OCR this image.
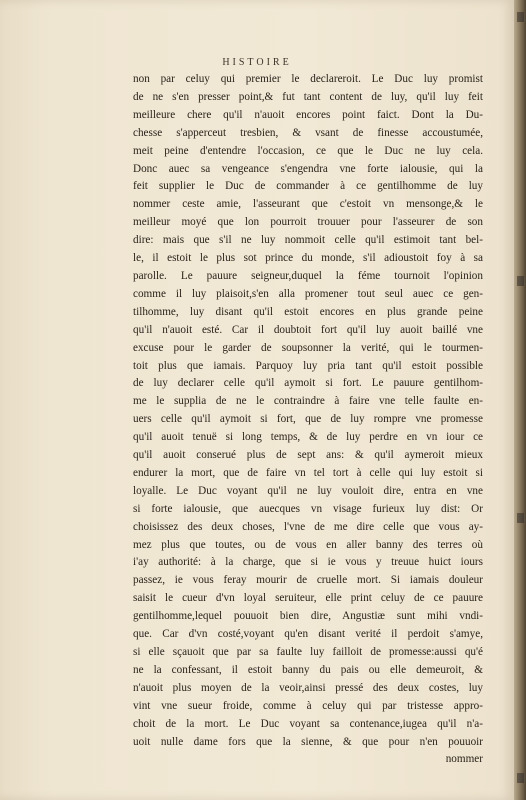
HISTOIRE
non par celuy qui premier le declareroit. Le Duc luy promist
de ne s'en presser point,& fut tant content de luy, qu'il luy feit
meilleure chere qu'il n'auoit encores point faict. Dont la Du-
chesse s'apperceut tresbien, & vsant de finesse accoustumée,
meit peine d'entendre l'occasion, ce que le Duc ne luy cela.
Donc auec sa vengeance s'engendra vne forte ialousie, qui la
feit supplier le Duc de commander à ce gentilhomme de luy
nommer ceste amie, l'asseurant que c'estoit vn mensonge,& le
meilleur moyé que lon pourroit trouuer pour l'asseurer de son
dire: mais que s'il ne luy nommoit celle qu'il estimoit tant bel-
le, il estoit le plus sot prince du monde, s'il adioustoit foy à sa
parolle. Le pauure seigneur,duquel la féme tournoit l'opinion
comme il luy plaisoit,s'en alla promener tout seul auec ce gen-
tilhomme, luy disant qu'il estoit encores en plus grande peine
qu'il n'auoit esté. Car il doubtoit fort qu'il luy auoit baillé vne
excuse pour le garder de soupsonner la verité, qui le tourmen-
toit plus que iamais. Parquoy luy pria tant qu'il estoit possible
de luy declarer celle qu'il aymoit si fort. Le pauure gentilhom-
me le supplia de ne le contraindre à faire vne telle faulte en-
uers celle qu'il aymoit si fort, que de luy rompre vne promesse
qu'il auoit tenuë si long temps, & de luy perdre en vn iour ce
qu'il auoit conserué plus de sept ans: & qu'il aymeroit mieux
endurer la mort, que de faire vn tel tort à celle qui luy estoit si
loyalle. Le Duc voyant qu'il ne luy vouloit dire, entra en vne
si forte ialousie, que auecques vn visage furieux luy dist: Or
choisissez des deux choses, l'vne de me dire celle que vous ay-
mez plus que toutes, ou de vous en aller banny des terres où
i'ay authorité: à la charge, que si ie vous y treuue huict iours
passez, ie vous feray mourir de cruelle mort. Si iamais douleur
saisit le cueur d'vn loyal seruiteur, elle print celuy de ce pauure
gentilhomme,lequel pouuoit bien dire, Angustiæ sunt mihi vndi-
que. Car d'vn costé,voyant qu'en disant verité il perdoit s'amye,
si elle sçauoit que par sa faulte luy failloit de promesse:aussi qu'é
ne la confessant, il estoit banny du pais ou elle demeuroit, &
n'auoit plus moyen de la veoir,ainsi pressé des deux costes, luy
vint vne sueur froide, comme à celuy qui par tristesse appro-
choit de la mort. Le Duc voyant sa contenance,iugea qu'il n'a-
uoit nulle dame fors que la sienne, & que pour n'en pouuoir
nommer
